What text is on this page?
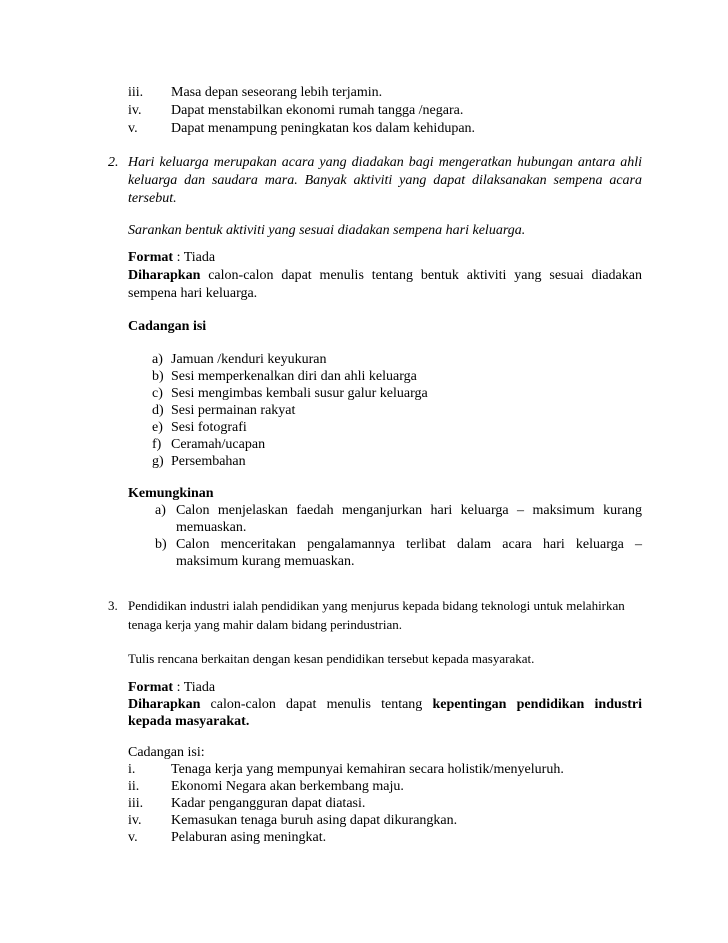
iii. Masa depan seseorang lebih terjamin.
iv. Dapat menstabilkan ekonomi rumah tangga /negara.
v. Dapat menampung peningkatan kos dalam kehidupan.
2. Hari keluarga merupakan acara yang diadakan bagi mengeratkan hubungan antara ahli
keluarga dan saudara mara. Banyak aktiviti yang dapat dilaksanakan sempena acara
tersebut.
Sarankan bentuk aktiviti yang sesuai diadakan sempena hari keluarga.
Format : Tiada
Diharapkan calon-calon dapat menulis tentang bentuk aktiviti yang sesuai diadakan
sempena hari keluarga.
Cadangan isi
a) Jamuan /kenduri keyukuran
b) Sesi memperkenalkan diri dan ahli keluarga
c) Sesi mengimbas kembali susur galur keluarga
d) Sesi permainan rakyat
e) Sesi fotografi
f) Ceramah/ucapan
g) Persembahan
Kemungkinan
a) Calon menjelaskan faedah menganjurkan hari keluarga – maksimum kurang
memuaskan.
b) Calon menceritakan pengalamannya terlibat dalam acara hari keluarga –
maksimum kurang memuaskan.
3. Pendidikan industri ialah pendidikan yang menjurus kepada bidang teknologi untuk melahirkan
tenaga kerja yang mahir dalam bidang perindustrian.
Tulis rencana berkaitan dengan kesan pendidikan tersebut kepada masyarakat.
Format : Tiada
Diharapkan calon-calon dapat menulis tentang kepentingan pendidikan industri
kepada masyarakat.
Cadangan isi:
i.	Tenaga kerja yang mempunyai kemahiran secara holistik/menyeluruh.
ii. Ekonomi Negara akan berkembang maju.
iii. Kadar pengangguran dapat diatasi.
iv. Kemasukan tenaga buruh asing dapat dikurangkan.
v. Pelaburan asing meningkat.
